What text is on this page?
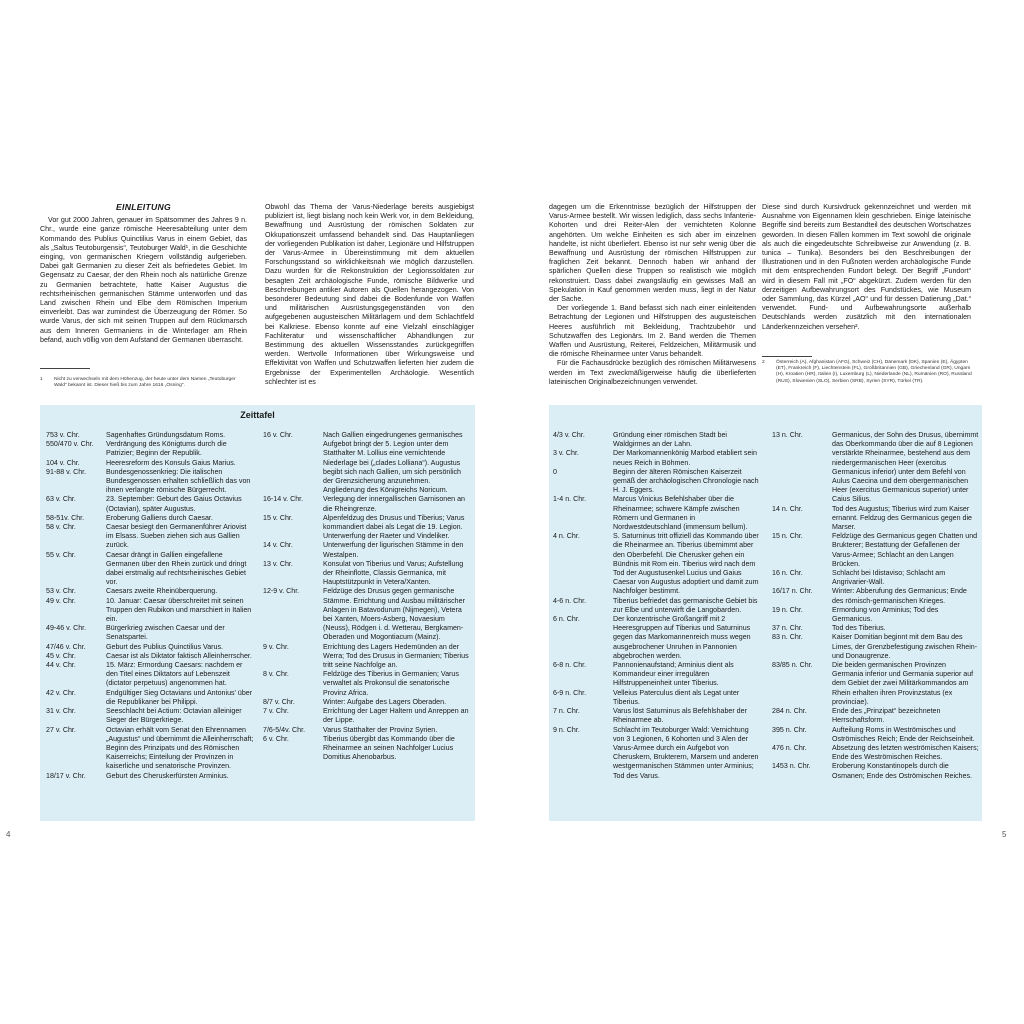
EINLEITUNG

Vor gut 2000 Jahren, genauer im Spätsommer des Jahres 9 n. Chr., wurde eine ganze römische Heeresabteilung unter dem Kommando des Publius Quinctilius Varus in einem Gebiet, das als „Saltus Teutoburgensis“, Teutoburger Wald¹, in die Geschichte einging, von germanischen Kriegern vollständig aufgerieben. Dabei galt Germanien zu dieser Zeit als befriedetes Gebiet. Im Gegensatz zu Caesar, der den Rhein noch als natürliche Grenze zu Germanien betrachtete, hatte Kaiser Augustus die rechtsrheinischen germanischen Stämme unterworfen und das Land zwischen Rhein und Elbe dem Römischen Imperium einverleibt. Das war zumindest die Überzeugung der Römer. So wurde Varus, der sich mit seinen Truppen auf dem Rückmarsch aus dem Inneren Germaniens in die Winterlager am Rhein befand, auch völlig von dem Aufstand der Germanen überrascht.

Obwohl das Thema der Varus-Niederlage bereits ausgiebigst publiziert ist, liegt bislang noch kein Werk vor, in dem Bekleidung, Bewaffnung und Ausrüstung der römischen Soldaten zur Okkupationszeit umfassend behandelt sind. Das Hauptanliegen der vorliegenden Publikation ist daher, Legionäre und Hilfstruppen der Varus-Armee in Übereinstimmung mit dem aktuellen Forschungsstand so wirklichkeitsnah wie möglich darzustellen. Dazu wurden für die Rekonstruktion der Legionssoldaten zur besagten Zeit archäologische Funde, römische Bildwerke und Beschreibungen antiker Autoren als Quellen herangezogen. Von besonderer Bedeutung sind dabei die Bodenfunde von Waffen und militärischen Ausrüstungsgegenständen von den aufgegebenen augusteischen Militärlagern und dem Schlachtfeld bei Kalkriese. Ebenso konnte auf eine Vielzahl einschlägiger Fachliteratur und wissenschaftlicher Abhandlungen zur Bestimmung des aktuellen Wissensstandes zurückgegriffen werden. Wertvolle Informationen über Wirkungsweise und Effektivität von Waffen und Schutzwaffen lieferten hier zudem die Ergebnisse der Experimentellen Archäologie. Wesentlich schlechter ist es

1 Nicht zu verwechseln mit dem Höhenzug, der heute unter dem Namen „Teutoburger Wald“ bekannt ist. Dieser hieß bis zum Jahre 1616 „Osning“.
4

dagegen um die Erkenntnisse bezüglich der Hilfstruppen der Varus-Armee bestellt. Wir wissen lediglich, dass sechs Infanterie-Kohorten und drei Reiter-Alen der vernichteten Kolonne angehörten. Um welche Einheiten es sich aber im einzelnen handelte, ist nicht überliefert. Ebenso ist nur sehr wenig über die Bewaffnung und Ausrüstung der römischen Hilfstruppen zur fraglichen Zeit bekannt. Dennoch haben wir anhand der spärlichen Quellen diese Truppen so realistisch wie möglich rekonstruiert. Dass dabei zwangsläufig ein gewisses Maß an Spekulation in Kauf genommen werden muss, liegt in der Natur der Sache.

Der vorliegende 1. Band befasst sich nach einer einleitenden Betrachtung der Legionen und Hilfstruppen des augusteischen Heeres ausführlich mit Bekleidung, Trachtzubehör und Schutzwaffen des Legionärs. Im 2. Band werden die Themen Waffen und Ausrüstung, Reiterei, Feldzeichen, Militärmusik und die römische Rheinarmee unter Varus behandelt.

Für die Fachausdrücke bezüglich des römischen Militärwesens werden im Text zweckmäßigerweise häufig die überlieferten lateinischen Originalbezeichnungen verwendet.

Diese sind durch Kursivdruck gekennzeichnet und werden mit Ausnahme von Eigennamen klein geschrieben. Einige lateinische Begriffe sind bereits zum Bestandteil des deutschen Wortschatzes geworden. In diesen Fällen kommen im Text sowohl die originale als auch die eingedeutschte Schreibweise zur Anwendung (z. B. tunica – Tunika). Besonders bei den Beschreibungen der Illustrationen und in den Fußnoten werden archäologische Funde mit dem entsprechenden Fundort belegt. Der Begriff „Fundort“ wird in diesem Fall mit „FO“ abgekürzt. Zudem werden für den derzeitigen Aufbewahrungsort des Fundstückes, wie Museum oder Sammlung, das Kürzel „AO“ und für dessen Datierung „Dat.“ verwendet. Fund- und Aufbewahrungsorte außerhalb Deutschlands werden zusätzlich mit den internationalen Länderkennzeichen versehen².

2 Österreich (A), Afghanistan (AFG), Schweiz (CH), Dänemark (DK), Spanien (E), Ägypten (ET), Frankreich (F), Liechtenstein (FL), Großbritannien (GB), Griechenland (GR), Ungarn (H), Kroatien (HR), Italien (I), Luxemburg (L), Niederlande (NL), Rumänien (RO), Russland (RUS), Slowenien (SLO), Serbien (SRB), Syrien (SYR), Türkei (TR).
5
Zeittafel
753 v. Chr.	Sagenhaftes Gründungsdatum Roms.
550/470 v. Chr.	Verdrängung des Königtums durch die Patrizier; Beginn der Republik.
104 v. Chr.	Heeresreform des Konsuls Gaius Marius.
91-88 v. Chr.	Bundesgenossenkrieg: Die italischen Bundesgenossen erhalten schließlich das von ihnen verlangte römische Bürgerrecht.
63 v. Chr.	23. September: Geburt des Gaius Octavius (Octavian), später Augustus.
58-51v. Chr.	Eroberung Galliens durch Caesar.
58 v. Chr.	Caesar besiegt den Germanenführer Ariovist im Elsass. Sueben ziehen sich aus Gallien zurück.
55 v. Chr.	Caesar drängt in Gallien eingefallene Germanen über den Rhein zurück und dringt dabei erstmalig auf rechtsrheinisches Gebiet vor.
53 v. Chr.	Caesars zweite Rheinüberquerung.
49 v. Chr.	10. Januar: Caesar überschreitet mit seinen Truppen den Rubikon und marschiert in Italien ein.
49-46 v. Chr.	Bürgerkrieg zwischen Caesar und der Senatspartei.
47/46 v. Chr.	Geburt des Publius Quinctilius Varus.
45 v. Chr.	Caesar ist als Diktator faktisch Alleinherrscher.
44 v. Chr.	15. März: Ermordung Caesars: nachdem er den Titel eines Diktators auf Lebenszeit (dictator perpetuus) angenommen hat.
42 v. Chr.	Endgültiger Sieg Octavians und Antonius' über die Republikaner bei Philippi.
31 v. Chr.	Seeschlacht bei Actium: Octavian alleiniger Sieger der Bürgerkriege.
27 v. Chr.	Octavian erhält vom Senat den Ehrennamen „Augustus“ und übernimmt die Alleinherrschaft; Beginn des Prinzipats und des Römischen Kaiserreichs; Einteilung der Provinzen in kaiserliche und senatorische Provinzen.
18/17 v. Chr.	Geburt des Cheruskerfürsten Arminius.
16 v. Chr.	Nach Gallien eingedrungenes germanisches Aufgebot bringt der 5. Legion unter dem Statthalter M. Lollius eine vernichtende Niederlage bei („clades Lolliana“). Augustus begibt sich nach Gallien, um sich persönlich der Grenzsicherung anzunehmen. Angliederung des Königreichs Noricum.
16-14 v. Chr.	Verlegung der innergallischen Garnisonen an die Rheingrenze.
15 v. Chr.	Alpenfeldzug des Drusus und Tiberius; Varus kommandiert dabei als Legat die 19. Legion. Unterwerfung der Raeter und Vindeliker.
14 v. Chr.	Unterwerfung der ligurischen Stämme in den Westalpen.
13 v. Chr.	Konsulat von Tiberius und Varus; Aufstellung der Rheinflotte, Classis Germanica, mit Hauptstützpunkt in Vetera/Xanten.
12-9 v. Chr.	Feldzüge des Drusus gegen germanische Stämme. Errichtung und Ausbau militärischer Anlagen in Batavodurum (Nijmegen), Vetera bei Xanten, Moers-Asberg, Novaesium (Neuss), Rödgen i. d. Wetterau, Bergkamen-Oberaden und Mogontiacum (Mainz).
9 v. Chr.	Errichtung des Lagers Hedemünden an der Werra; Tod des Drusus in Germanien; Tiberius tritt seine Nachfolge an.
8 v. Chr.	Feldzüge des Tiberius in Germanien; Varus verwaltet als Prokonsul die senatorische Provinz Africa.
8/7 v. Chr.	Winter: Aufgabe des Lagers Oberaden.
7 v. Chr.	Errichtung der Lager Haltern und Anreppen an der Lippe.
7/6-5/4v. Chr.	Varus Statthalter der Provinz Syrien.
6 v. Chr.	Tiberius übergibt das Kommando über die Rheinarmee an seinen Nachfolger Lucius Domitius Ahenobarbus.
4/3 v. Chr.	Gründung einer römischen Stadt bei Waldgirmes an der Lahn.
3 v. Chr.	Der Markomannenkönig Marbod etabliert sein neues Reich in Böhmen.
0	Beginn der älteren Römischen Kaiserzeit gemäß der archäologischen Chronologie nach H. J. Eggers.
1-4 n. Chr.	Marcus Vinicius Befehlshaber über die Rheinarmee; schwere Kämpfe zwischen Römern und Germanen in Nordwestdeutschland (immensum bellum).
4 n. Chr.	S. Saturninus tritt offiziell das Kommando über die Rheinarmee an. Tiberius übernimmt aber den Oberbefehl. Die Cherusker gehen ein Bündnis mit Rom ein. Tiberius wird nach dem Tod der Augustusenkel Lucius und Gaius Caesar von Augustus adoptiert und damit zum Nachfolger bestimmt.
4-6 n. Chr.	Tiberius befriedet das germanische Gebiet bis zur Elbe und unterwirft die Langobarden.
6 n. Chr.	Der konzentrische Großangriff mit 2 Heeresgruppen auf Tiberius und Saturninus gegen das Markomannenreich muss wegen ausgebrochener Unruhen in Pannonien abgebrochen werden.
6-8 n. Chr.	Pannonienaufstand; Arminius dient als Kommandeur einer irregulären Hilfstruppeneinheit unter Tiberius.
6-9 n. Chr.	Velleius Paterculus dient als Legat unter Tiberius.
7 n. Chr.	Varus löst Saturninus als Befehlshaber der Rheinarmee ab.
9 n. Chr.	Schlacht im Teutoburger Wald: Vernichtung von 3 Legionen, 6 Kohorten und 3 Alen der Varus-Armee durch ein Aufgebot von Cheruskern, Brukterern, Marsern und anderen westgermanischen Stämmen unter Arminius; Tod des Varus.
13 n. Chr.	Germanicus, der Sohn des Drusus, übernimmt das Oberkommando über die auf 8 Legionen verstärkte Rheinarmee, bestehend aus dem niedergermanischen Heer (exercitus Germanicus inferior) unter dem Befehl von Aulus Caecina und dem obergermanischen Heer (exercitus Germanicus superior) unter Caius Silius.
14 n. Chr.	Tod des Augustus; Tiberius wird zum Kaiser ernannt. Feldzug des Germanicus gegen die Marser.
15 n. Chr.	Feldzüge des Germanicus gegen Chatten und Brukterer; Bestattung der Gefallenen der Varus-Armee; Schlacht an den Langen Brücken.
16 n. Chr.	Schlacht bei Idistaviso; Schlacht am Angrivarier-Wall.
16/17 n. Chr.	Winter: Abberufung des Germanicus; Ende des römisch-germanischen Krieges.
19 n. Chr.	Ermordung von Arminius; Tod des Germanicus.
37 n. Chr.	Tod des Tiberius.
83 n. Chr.	Kaiser Domitian beginnt mit dem Bau des Limes, der Grenzbefestigung zwischen Rhein- und Donaugrenze.
83/85 n. Chr.	Die beiden germanischen Provinzen Germania inferior und Germania superior auf dem Gebiet der zwei Militärkommandos am Rhein erhalten ihren Provinzstatus (ex provinciae).
284 n. Chr.	Ende des „Prinzipat“ bezeichneten Herrschaftsform.
395 n. Chr.	Aufteilung Roms in Weströmisches und Oströmisches Reich; Ende der Reichseinheit.
476 n. Chr.	Absetzung des letzten weströmischen Kaisers; Ende des Weströmischen Reiches.
1453 n. Chr.	Eroberung Konstantinopels durch die Osmanen; Ende des Oströmischen Reiches.
